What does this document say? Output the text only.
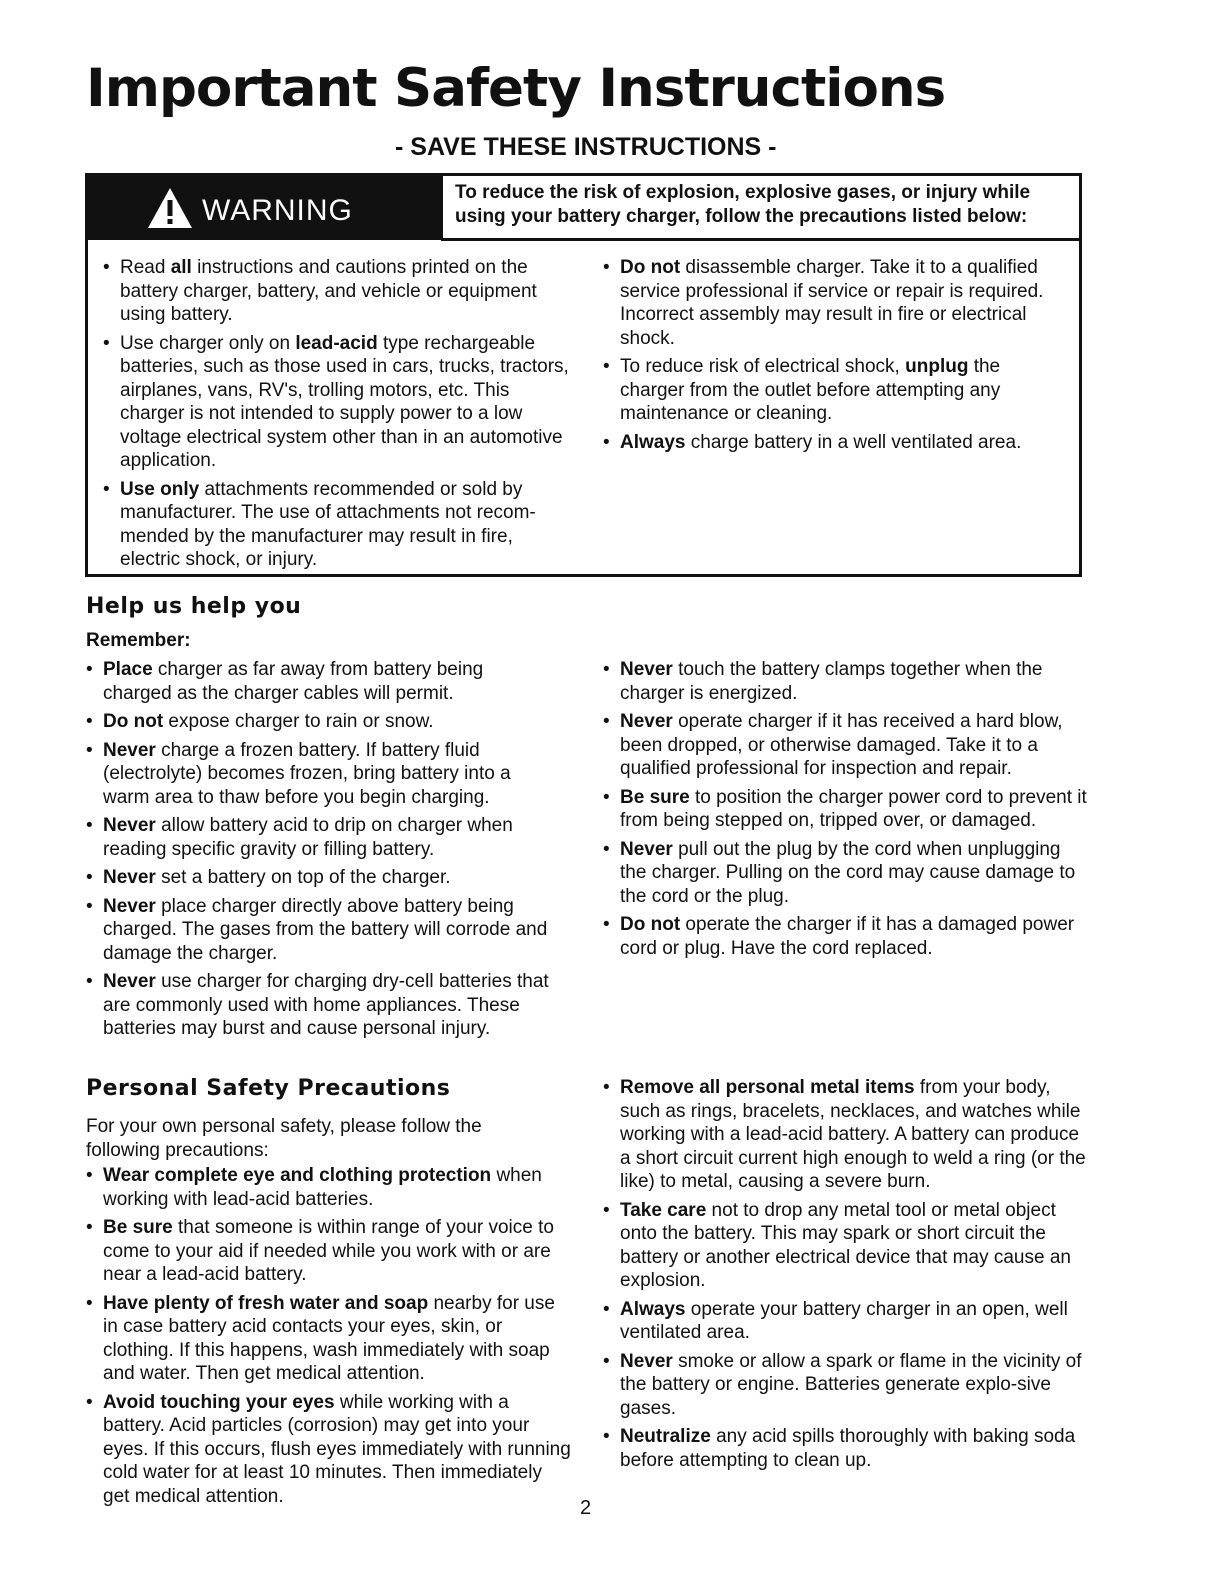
Important Safety Instructions
- SAVE THESE INSTRUCTIONS -
WARNING
To reduce the risk of explosion, explosive gases, or injury while
using your battery charger, follow the precautions listed below:
• Read all instructions and cautions printed on the battery charger, battery, and vehicle or equipment using battery.
• Use charger only on lead-acid type rechargeable batteries, such as those used in cars, trucks, tractors, airplanes, vans, RV's, trolling motors, etc. This charger is not intended to supply power to a low voltage electrical system other than in an automotive application.
• Use only attachments recommended or sold by manufacturer. The use of attachments not recom-mended by the manufacturer may result in fire, electric shock, or injury.
• Do not disassemble charger. Take it to a qualified service professional if service or repair is required. Incorrect assembly may result in fire or electrical shock.
• To reduce risk of electrical shock, unplug the charger from the outlet before attempting any maintenance or cleaning.
• Always charge battery in a well ventilated area.
Help us help you
Remember:
• Place charger as far away from battery being charged as the charger cables will permit.
• Do not expose charger to rain or snow.
• Never charge a frozen battery. If battery fluid (electrolyte) becomes frozen, bring battery into a warm area to thaw before you begin charging.
• Never allow battery acid to drip on charger when reading specific gravity or filling battery.
• Never set a battery on top of the charger.
• Never place charger directly above battery being charged. The gases from the battery will corrode and damage the charger.
• Never use charger for charging dry-cell batteries that are commonly used with home appliances. These batteries may burst and cause personal injury.
• Never touch the battery clamps together when the charger is energized.
• Never operate charger if it has received a hard blow, been dropped, or otherwise damaged. Take it to a qualified professional for inspection and repair.
• Be sure to position the charger power cord to prevent it from being stepped on, tripped over, or damaged.
• Never pull out the plug by the cord when unplugging the charger. Pulling on the cord may cause damage to the cord or the plug.
• Do not operate the charger if it has a damaged power cord or plug. Have the cord replaced.
Personal Safety Precautions
For your own personal safety, please follow the following precautions:
• Wear complete eye and clothing protection when working with lead-acid batteries.
• Be sure that someone is within range of your voice to come to your aid if needed while you work with or are near a lead-acid battery.
• Have plenty of fresh water and soap nearby for use in case battery acid contacts your eyes, skin, or clothing. If this happens, wash immediately with soap and water. Then get medical attention.
• Avoid touching your eyes while working with a battery. Acid particles (corrosion) may get into your eyes. If this occurs, flush eyes immediately with running cold water for at least 10 minutes. Then immediately get medical attention.
• Remove all personal metal items from your body, such as rings, bracelets, necklaces, and watches while working with a lead-acid battery. A battery can produce a short circuit current high enough to weld a ring (or the like) to metal, causing a severe burn.
• Take care not to drop any metal tool or metal object onto the battery. This may spark or short circuit the battery or another electrical device that may cause an explosion.
• Always operate your battery charger in an open, well ventilated area.
• Never smoke or allow a spark or flame in the vicinity of the battery or engine. Batteries generate explo-sive gases.
• Neutralize any acid spills thoroughly with baking soda before attempting to clean up.
2
